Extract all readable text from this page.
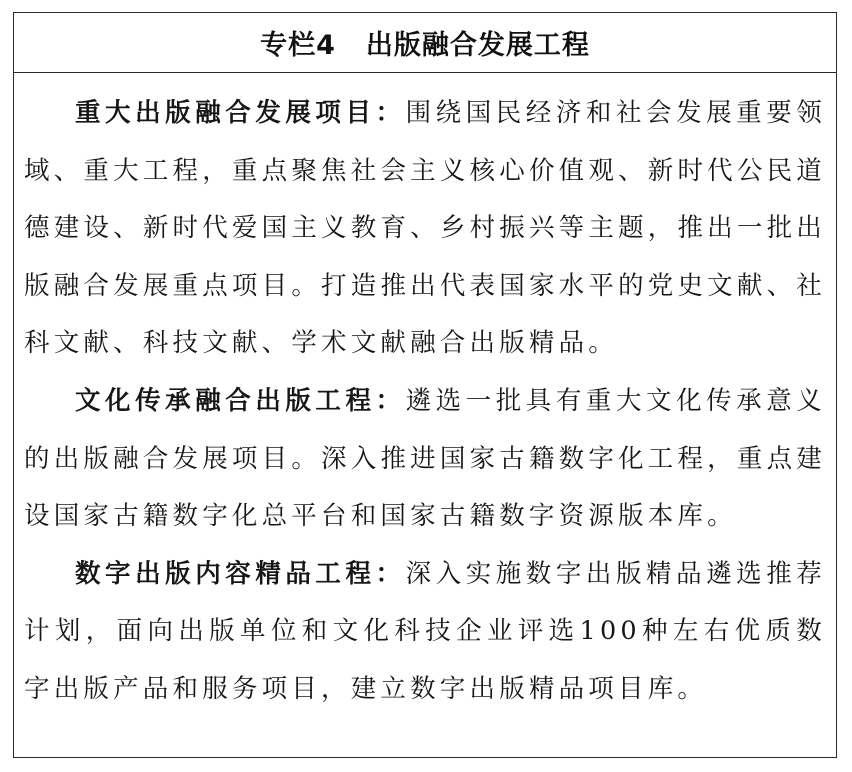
专栏4 出版融合发展工程

重大出版融合发展项目：围绕国民经济和社会发展重要领域、重大工程，重点聚焦社会主义核心价值观、新时代公民道德建设、新时代爱国主义教育、乡村振兴等主题，推出一批出版融合发展重点项目。打造推出代表国家水平的党史文献、社科文献、科技文献、学术文献融合出版精品。

文化传承融合出版工程：遴选一批具有重大文化传承意义的出版融合发展项目。深入推进国家古籍数字化工程，重点建设国家古籍数字化总平台和国家古籍数字资源版本库。

数字出版内容精品工程：深入实施数字出版精品遴选推荐计划，面向出版单位和文化科技企业评选100种左右优质数字出版产品和服务项目，建立数字出版精品项目库。
